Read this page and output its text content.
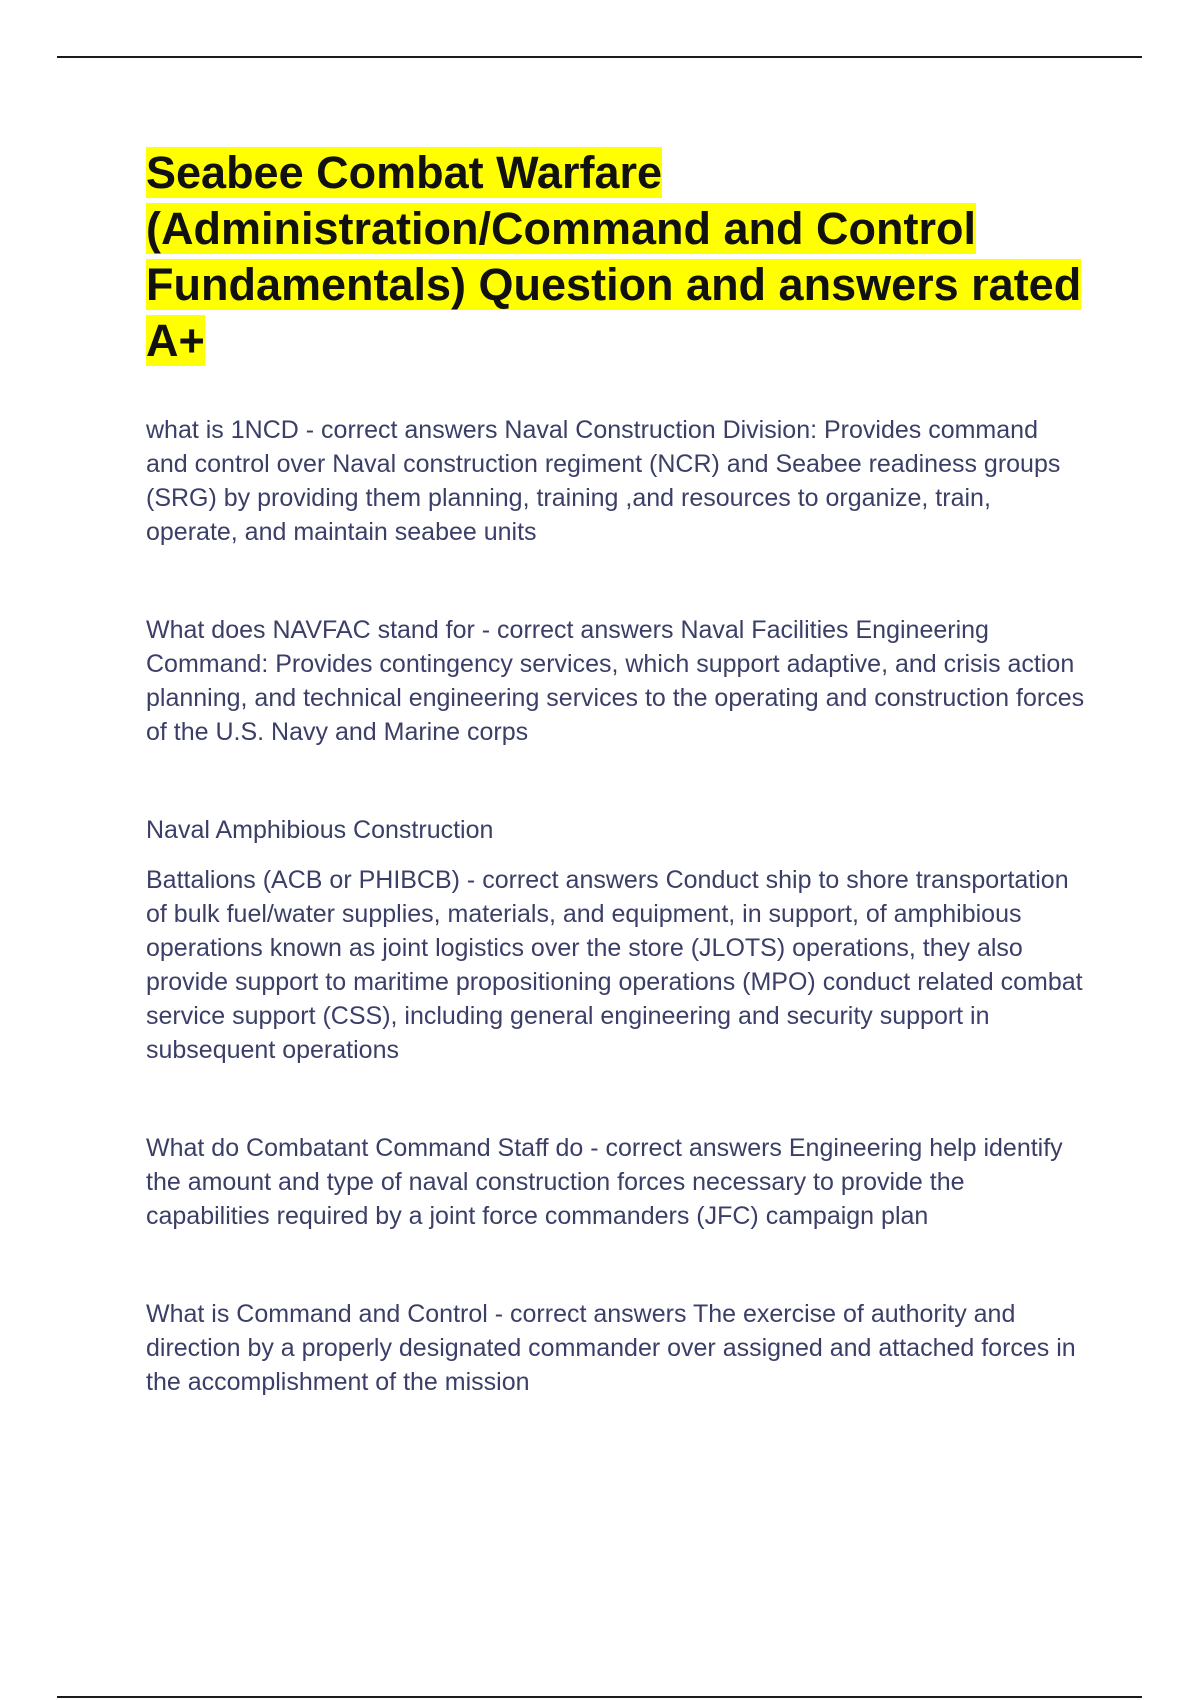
Seabee Combat Warfare (Administration/Command and Control Fundamentals) Question and answers rated A+

what is 1NCD - correct answers Naval Construction Division: Provides command and control over Naval construction regiment (NCR) and Seabee readiness groups (SRG) by providing them planning, training ,and resources to organize, train, operate, and maintain seabee units

What does NAVFAC stand for - correct answers Naval Facilities Engineering Command: Provides contingency services, which support adaptive, and crisis action planning, and technical engineering services to the operating and construction forces of the U.S. Navy and Marine corps

Naval Amphibious Construction

Battalions (ACB or PHIBCB) - correct answers Conduct ship to shore transportation of bulk fuel/water supplies, materials, and equipment, in support, of amphibious operations known as joint logistics over the store (JLOTS) operations, they also provide support to maritime propositioning operations (MPO) conduct related combat service support (CSS), including general engineering and security support in subsequent operations

What do Combatant Command Staff do - correct answers Engineering help identify the amount and type of naval construction forces necessary to provide the capabilities required by a joint force commanders (JFC) campaign plan

What is Command and Control - correct answers The exercise of authority and direction by a properly designated commander over assigned and attached forces in the accomplishment of the mission
